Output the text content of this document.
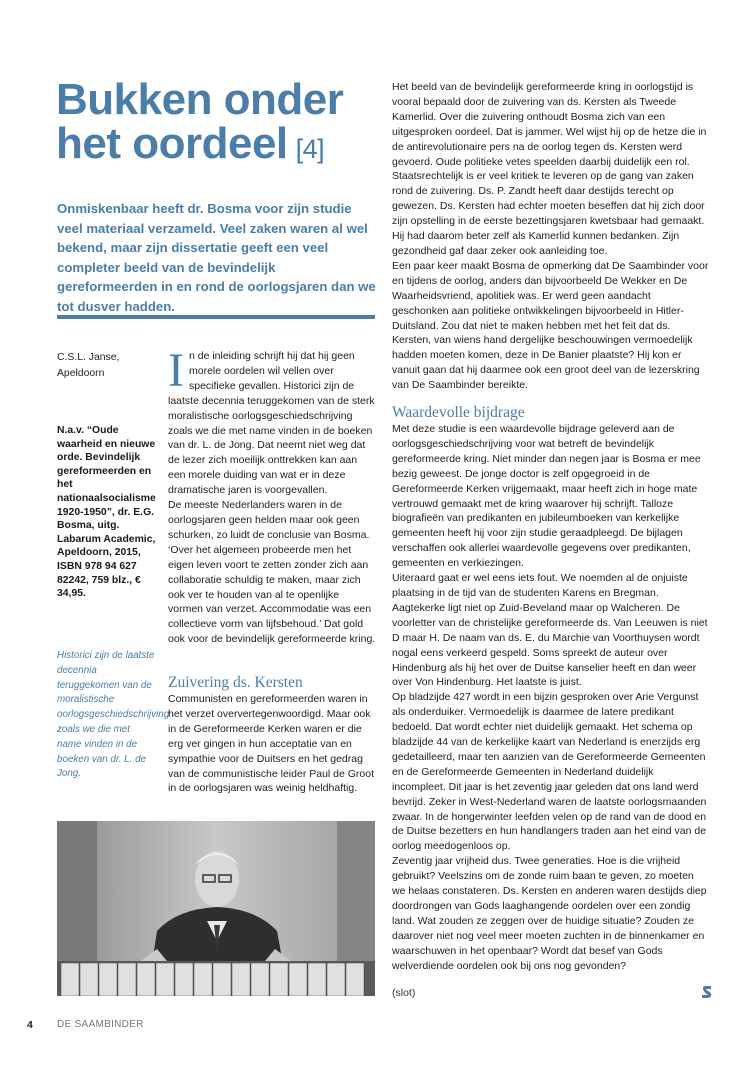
Bukken onder
het oordeel [4]

Onmiskenbaar heeft dr. Bosma voor zijn studie veel materiaal verzameld. Veel zaken waren al wel bekend, maar zijn dissertatie geeft een veel completer beeld van de bevindelijk gereformeerden in en rond de oorlogsjaren dan we tot dusver hadden.

C.S.L. Janse,
Apeldoorn
N.a.v. “Oude waarheid en nieuwe orde. Bevindelijk gereformeerden en het nationaalsocialisme 1920-1950”, dr. E.G. Bosma, uitg. Labarum Academic, Apeldoorn, 2015, ISBN 978 94 627 82242, 759 blz., € 34,95.
Historici zijn de laatste decennia teruggekomen van de moralistische oorlogsgeschiedschrijving zoals we die met name vinden in de boeken van dr. L. de Jong.

In de inleiding schrijft hij dat hij geen morele oordelen wil vellen over specifieke gevallen. Historici zijn de laatste decennia teruggekomen van de sterk moralistische oorlogsgeschiedschrijving zoals we die met name vinden in de boeken van dr. L. de Jong. Dat neemt niet weg dat de lezer zich moeilijk onttrekken kan aan een morele duiding van wat er in deze dramatische jaren is voorgevallen.

De meeste Nederlanders waren in de oorlogsjaren geen helden maar ook geen schurken, zo luidt de conclusie van Bosma. ‘Over het algemeen probeerde men het eigen leven voort te zetten zonder zich aan collaboratie schuldig te maken, maar zich ook ver te houden van al te openlijke vormen van verzet. Accommodatie was een collectieve vorm van lijfsbehoud.’ Dat gold ook voor de bevindelijk gereformeerde kring.

Zuivering ds. Kersten

Communisten en gereformeerden waren in het verzet oververtegenwoordigd. Maar ook in de Gereformeerde Kerken waren er die erg ver gingen in hun acceptatie van en sympathie voor de Duitsers en het gedrag van de communistische leider Paul de Groot in de oorlogsjaren was weinig heldhaftig.

Het beeld van de bevindelijk gereformeerde kring in oorlogstijd is vooral bepaald door de zuivering van ds. Kersten als Tweede Kamerlid. Over die zuivering onthoudt Bosma zich van een uitgesproken oordeel. Dat is jammer. Wel wijst hij op de hetze die in de antirevolutionaire pers na de oorlog tegen ds. Kersten werd gevoerd. Oude politieke vetes speelden daarbij duidelijk een rol. Staatsrechtelijk is er veel kritiek te leveren op de gang van zaken rond de zuivering. Ds. P. Zandt heeft daar destijds terecht op gewezen. Ds. Kersten had echter moeten beseffen dat hij zich door zijn opstelling in de eerste bezettingsjaren kwetsbaar had gemaakt. Hij had daarom beter zelf als Kamerlid kunnen bedanken. Zijn gezondheid gaf daar zeker ook aanleiding toe.

Een paar keer maakt Bosma de opmerking dat De Saambinder voor en tijdens de oorlog, anders dan bijvoorbeeld De Wekker en De Waarheidsvriend, apolitiek was. Er werd geen aandacht geschonken aan politieke ontwikkelingen bijvoorbeeld in Hitler-Duitsland. Zou dat niet te maken hebben met het feit dat ds. Kersten, van wiens hand dergelijke beschouwingen vermoedelijk hadden moeten komen, deze in De Banier plaatste? Hij kon er vanuit gaan dat hij daarmee ook een groot deel van de lezerskring van De Saambinder bereikte.

Waardevolle bijdrage

Met deze studie is een waardevolle bijdrage geleverd aan de oorlogsgeschiedschrijving voor wat betreft de bevindelijk gereformeerde kring. Niet minder dan negen jaar is Bosma er mee bezig geweest. De jonge doctor is zelf opgegroeid in de Gereformeerde Kerken vrijgemaakt, maar heeft zich in hoge mate vertrouwd gemaakt met de kring waarover hij schrijft. Talloze biografieën van predikanten en jubileumboeken van kerkelijke gemeenten heeft hij voor zijn studie geraadpleegd. De bijlagen verschaffen ook allerlei waardevolle gegevens over predikanten, gemeenten en verkiezingen.

Uiteraard gaat er wel eens iets fout. We noemden al de onjuiste plaatsing in de tijd van de studenten Karens en Bregman. Aagtekerke ligt niet op Zuid-Beveland maar op Walcheren. De voorletter van de christelijke gereformeerde ds. Van Leeuwen is niet D maar H. De naam van ds. E. du Marchie van Voorthuysen wordt nogal eens verkeerd gespeld. Soms spreekt de auteur over Hindenburg als hij het over de Duitse kanselier heeft en dan weer over Von Hindenburg. Het laatste is juist.

Op bladzijde 427 wordt in een bijzin gesproken over Arie Vergunst als onderduiker. Vermoedelijk is daarmee de latere predikant bedoeld. Dat wordt echter niet duidelijk gemaakt. Het schema op bladzijde 44 van de kerkelijke kaart van Nederland is enerzijds erg gedetailleerd, maar ten aanzien van de Gereformeerde Gemeenten en de Gereformeerde Gemeenten in Nederland duidelijk incompleet. Dit jaar is het zeventig jaar geleden dat ons land werd bevrijd. Zeker in West-Nederland waren de laatste oorlogsmaanden zwaar. In de hongerwinter leefden velen op de rand van de dood en de Duitse bezetters en hun handlangers traden aan het eind van de oorlog meedogenloos op.

Zeventig jaar vrijheid dus. Twee generaties. Hoe is die vrijheid gebruikt? Veelszins om de zonde ruim baan te geven, zo moeten we helaas constateren. Ds. Kersten en anderen waren destijds diep doordrongen van Gods laaghangende oordelen over een zondig land. Wat zouden ze zeggen over de huidige situatie? Zouden ze daarover niet nog veel meer moeten zuchten in de binnenkamer en waarschuwen in het openbaar? Wordt dat besef van Gods welverdiende oordelen ook bij ons nog gevonden?

(slot)
4 DE SAAMBINDER
